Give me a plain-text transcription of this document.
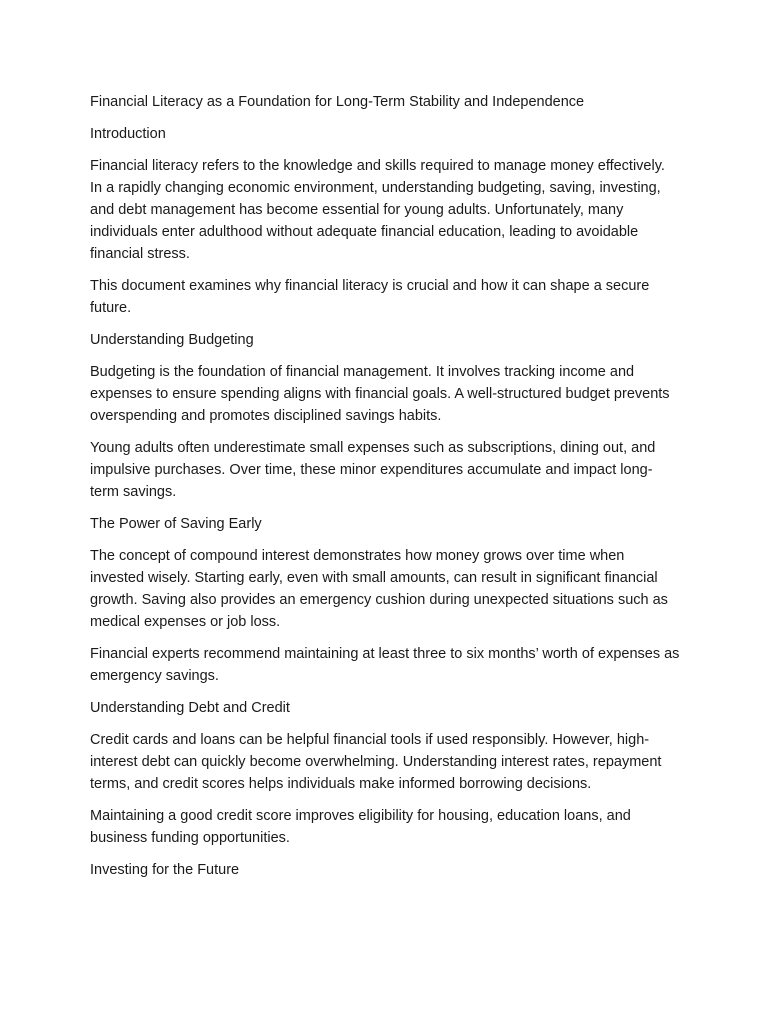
Financial Literacy as a Foundation for Long-Term Stability and Independence

Introduction

Financial literacy refers to the knowledge and skills required to manage money effectively. In a rapidly changing economic environment, understanding budgeting, saving, investing, and debt management has become essential for young adults. Unfortunately, many individuals enter adulthood without adequate financial education, leading to avoidable financial stress.

This document examines why financial literacy is crucial and how it can shape a secure future.

Understanding Budgeting

Budgeting is the foundation of financial management. It involves tracking income and expenses to ensure spending aligns with financial goals. A well-structured budget prevents overspending and promotes disciplined savings habits.

Young adults often underestimate small expenses such as subscriptions, dining out, and impulsive purchases. Over time, these minor expenditures accumulate and impact long-term savings.

The Power of Saving Early

The concept of compound interest demonstrates how money grows over time when invested wisely. Starting early, even with small amounts, can result in significant financial growth. Saving also provides an emergency cushion during unexpected situations such as medical expenses or job loss.

Financial experts recommend maintaining at least three to six months’ worth of expenses as emergency savings.

Understanding Debt and Credit

Credit cards and loans can be helpful financial tools if used responsibly. However, high-interest debt can quickly become overwhelming. Understanding interest rates, repayment terms, and credit scores helps individuals make informed borrowing decisions.

Maintaining a good credit score improves eligibility for housing, education loans, and business funding opportunities.

Investing for the Future
